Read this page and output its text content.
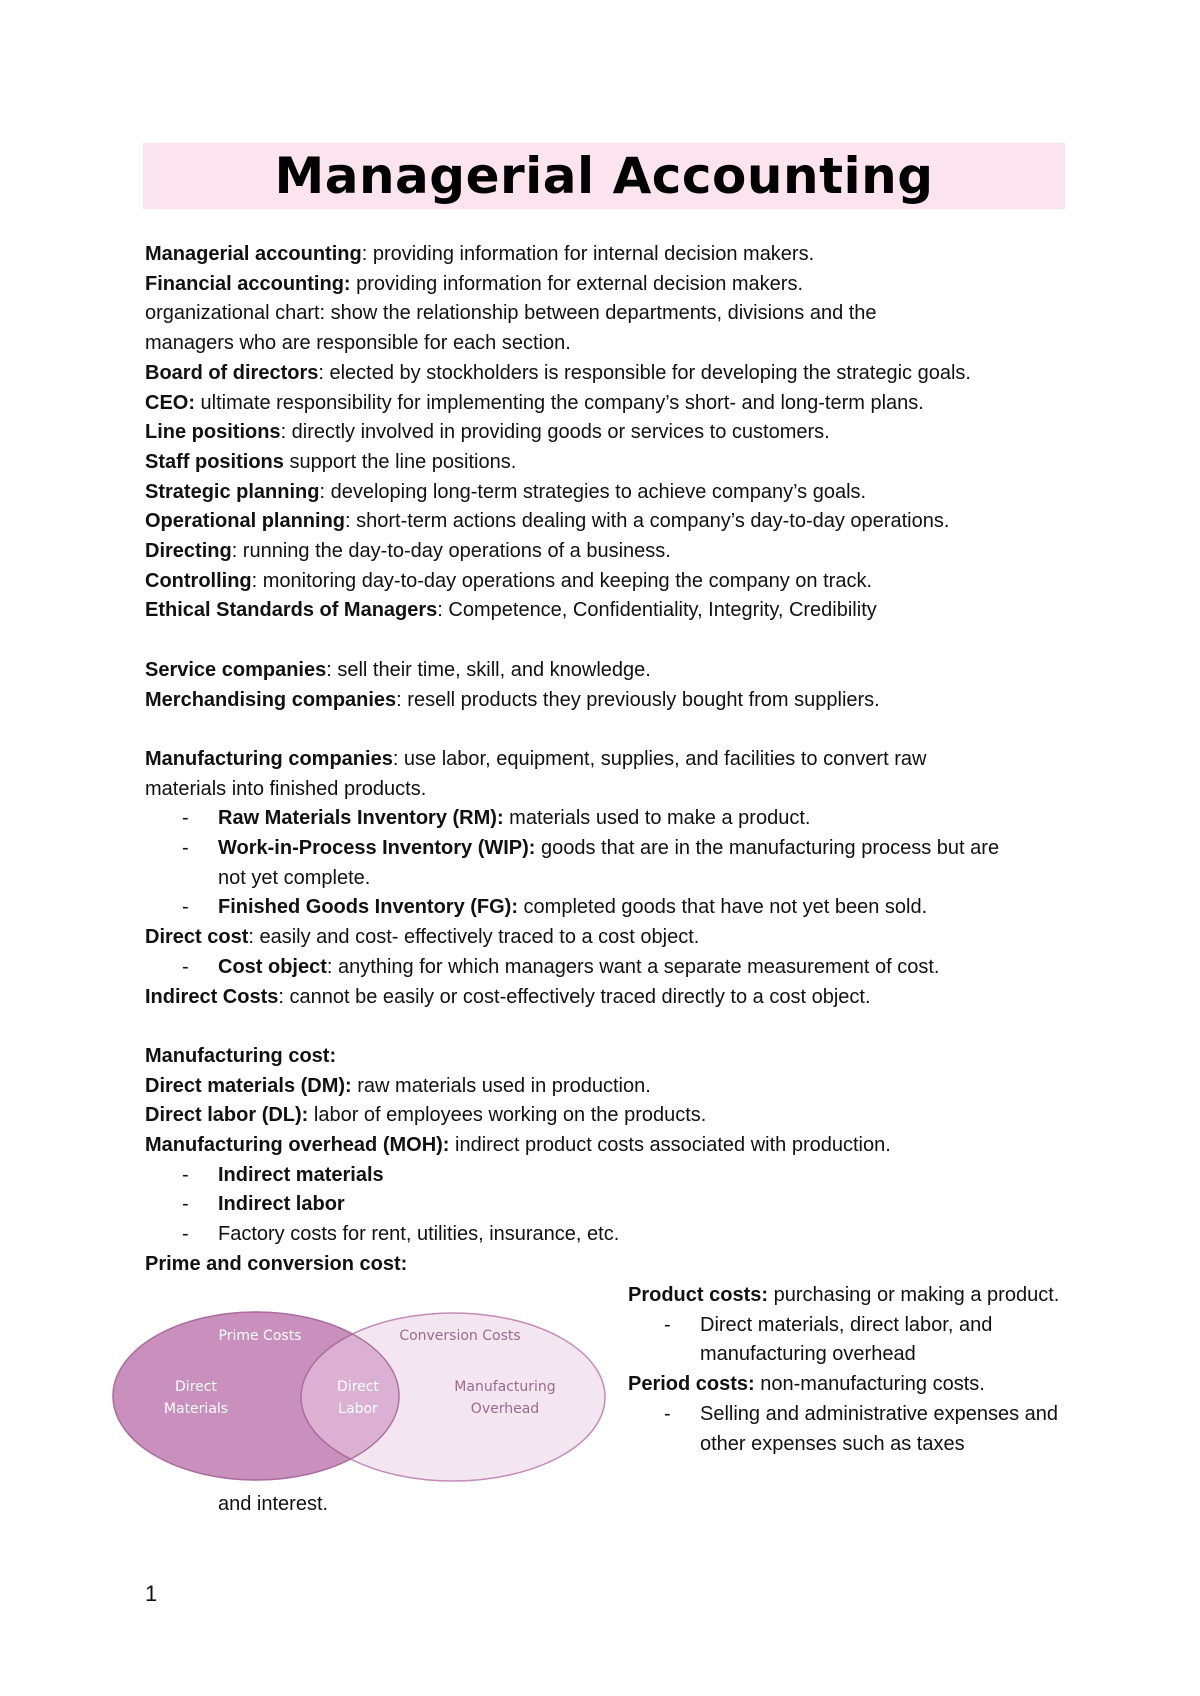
Managerial Accounting
Managerial accounting: providing information for internal decision makers.
Financial accounting: providing information for external decision makers.
organizational chart: show the relationship between departments, divisions and the
managers who are responsible for each section.
Board of directors: elected by stockholders is responsible for developing the strategic goals.
CEO: ultimate responsibility for implementing the company’s short- and long-term plans.
Line positions: directly involved in providing goods or services to customers.
Staff positions support the line positions.
Strategic planning: developing long-term strategies to achieve company’s goals.
Operational planning: short-term actions dealing with a company’s day-to-day operations.
Directing: running the day-to-day operations of a business.
Controlling: monitoring day-to-day operations and keeping the company on track.
Ethical Standards of Managers: Competence, Confidentiality, Integrity, Credibility
Service companies: sell their time, skill, and knowledge.
Merchandising companies: resell products they previously bought from suppliers.
Manufacturing companies: use labor, equipment, supplies, and facilities to convert raw
materials into finished products.
- Raw Materials Inventory (RM): materials used to make a product.
- Work-in-Process Inventory (WIP): goods that are in the manufacturing process but are not yet complete.
- Finished Goods Inventory (FG): completed goods that have not yet been sold.
Direct cost: easily and cost- effectively traced to a cost object.
- Cost object: anything for which managers want a separate measurement of cost.
Indirect Costs: cannot be easily or cost-effectively traced directly to a cost object.
Manufacturing cost:
Direct materials (DM): raw materials used in production.
Direct labor (DL): labor of employees working on the products.
Manufacturing overhead (MOH): indirect product costs associated with production.
- Indirect materials
- Indirect labor
- Factory costs for rent, utilities, insurance, etc.
Prime and conversion cost:
Prime Costs	Conversion Costs
Direct
Materials
Direct
Labor
Manufacturing
Overhead
Product costs: purchasing or making a product.
- Direct materials, direct labor, and manufacturing overhead
Period costs: non-manufacturing costs.
- Selling and administrative expenses and other expenses such as taxes
and interest.
1
